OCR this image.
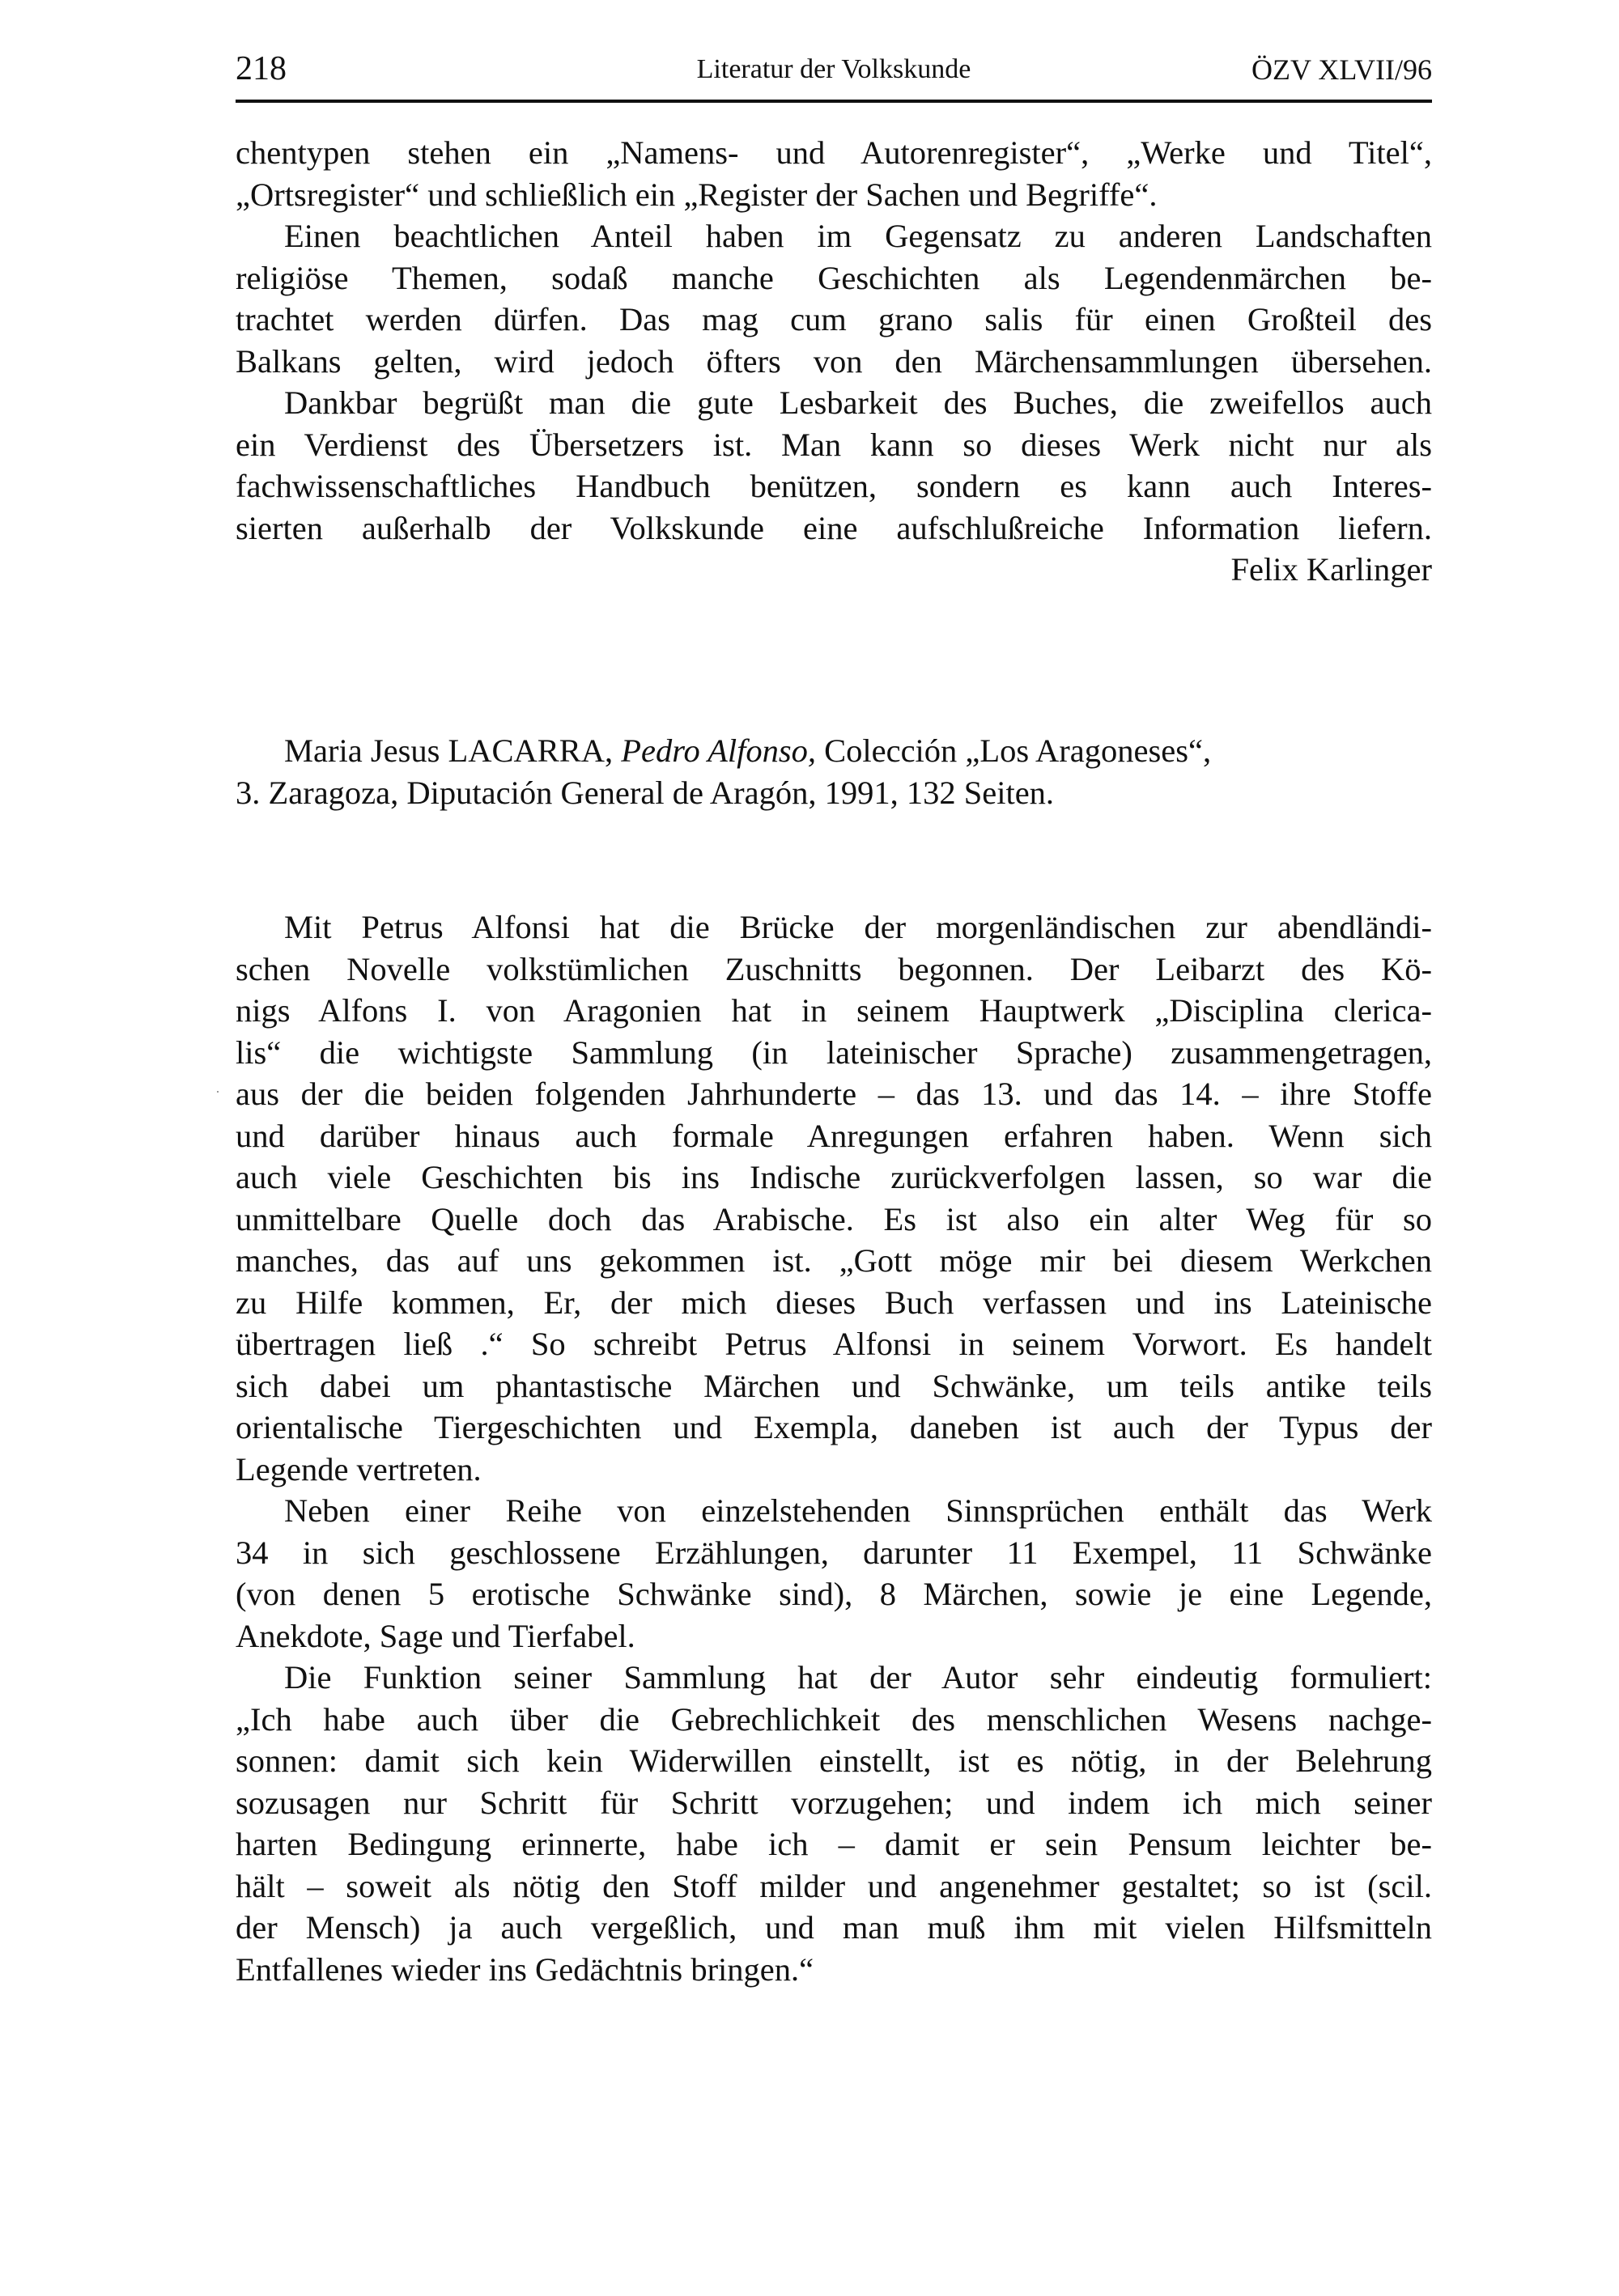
218	Literatur der Volkskunde	ÖZV XLVII/96
chentypen stehen ein „Namens- und Autorenregister“, „Werke und Titel“,
„Ortsregister“ und schließlich ein „Register der Sachen und Begriffe“.
Einen beachtlichen Anteil haben im Gegensatz zu anderen Landschaften
religiöse Themen, sodaß manche Geschichten als Legendenmärchen be-
trachtet werden dürfen. Das mag cum grano salis für einen Großteil des
Balkans gelten, wird jedoch öfters von den Märchensammlungen übersehen.
Dankbar begrüßt man die gute Lesbarkeit des Buches, die zweifellos auch
ein Verdienst des Übersetzers ist. Man kann so dieses Werk nicht nur als
fachwissenschaftliches Handbuch benützen, sondern es kann auch Interes-
sierten außerhalb der Volkskunde eine aufschlußreiche Information liefern.
Felix Karlinger
Maria Jesus LACARRA, Pedro Alfonso, Colección „Los Aragoneses“,
3. Zaragoza, Diputación General de Aragón, 1991, 132 Seiten.
Mit Petrus Alfonsi hat die Brücke der morgenländischen zur abendländi-
schen Novelle volkstümlichen Zuschnitts begonnen. Der Leibarzt des Kö-
nigs Alfons I. von Aragonien hat in seinem Hauptwerk „Disciplina clerica-
lis“ die wichtigste Sammlung (in lateinischer Sprache) zusammengetragen,
aus der die beiden folgenden Jahrhunderte – das 13. und das 14. – ihre Stoffe
und darüber hinaus auch formale Anregungen erfahren haben. Wenn sich
auch viele Geschichten bis ins Indische zurückverfolgen lassen, so war die
unmittelbare Quelle doch das Arabische. Es ist also ein alter Weg für so
manches, das auf uns gekommen ist. „Gott möge mir bei diesem Werkchen
zu Hilfe kommen, Er, der mich dieses Buch verfassen und ins Lateinische
übertragen ließ .“ So schreibt Petrus Alfonsi in seinem Vorwort. Es handelt
sich dabei um phantastische Märchen und Schwänke, um teils antike teils
orientalische Tiergeschichten und Exempla, daneben ist auch der Typus der
Legende vertreten.
Neben einer Reihe von einzelstehenden Sinnsprüchen enthält das Werk
34 in sich geschlossene Erzählungen, darunter 11 Exempel, 11 Schwänke
(von denen 5 erotische Schwänke sind), 8 Märchen, sowie je eine Legende,
Anekdote, Sage und Tierfabel.
Die Funktion seiner Sammlung hat der Autor sehr eindeutig formuliert:
„Ich habe auch über die Gebrechlichkeit des menschlichen Wesens nachge-
sonnen: damit sich kein Widerwillen einstellt, ist es nötig, in der Belehrung
sozusagen nur Schritt für Schritt vorzugehen; und indem ich mich seiner
harten Bedingung erinnerte, habe ich – damit er sein Pensum leichter be-
hält – soweit als nötig den Stoff milder und angenehmer gestaltet; so ist (scil.
der Mensch) ja auch vergeßlich, und man muß ihm mit vielen Hilfsmitteln
Entfallenes wieder ins Gedächtnis bringen.“
